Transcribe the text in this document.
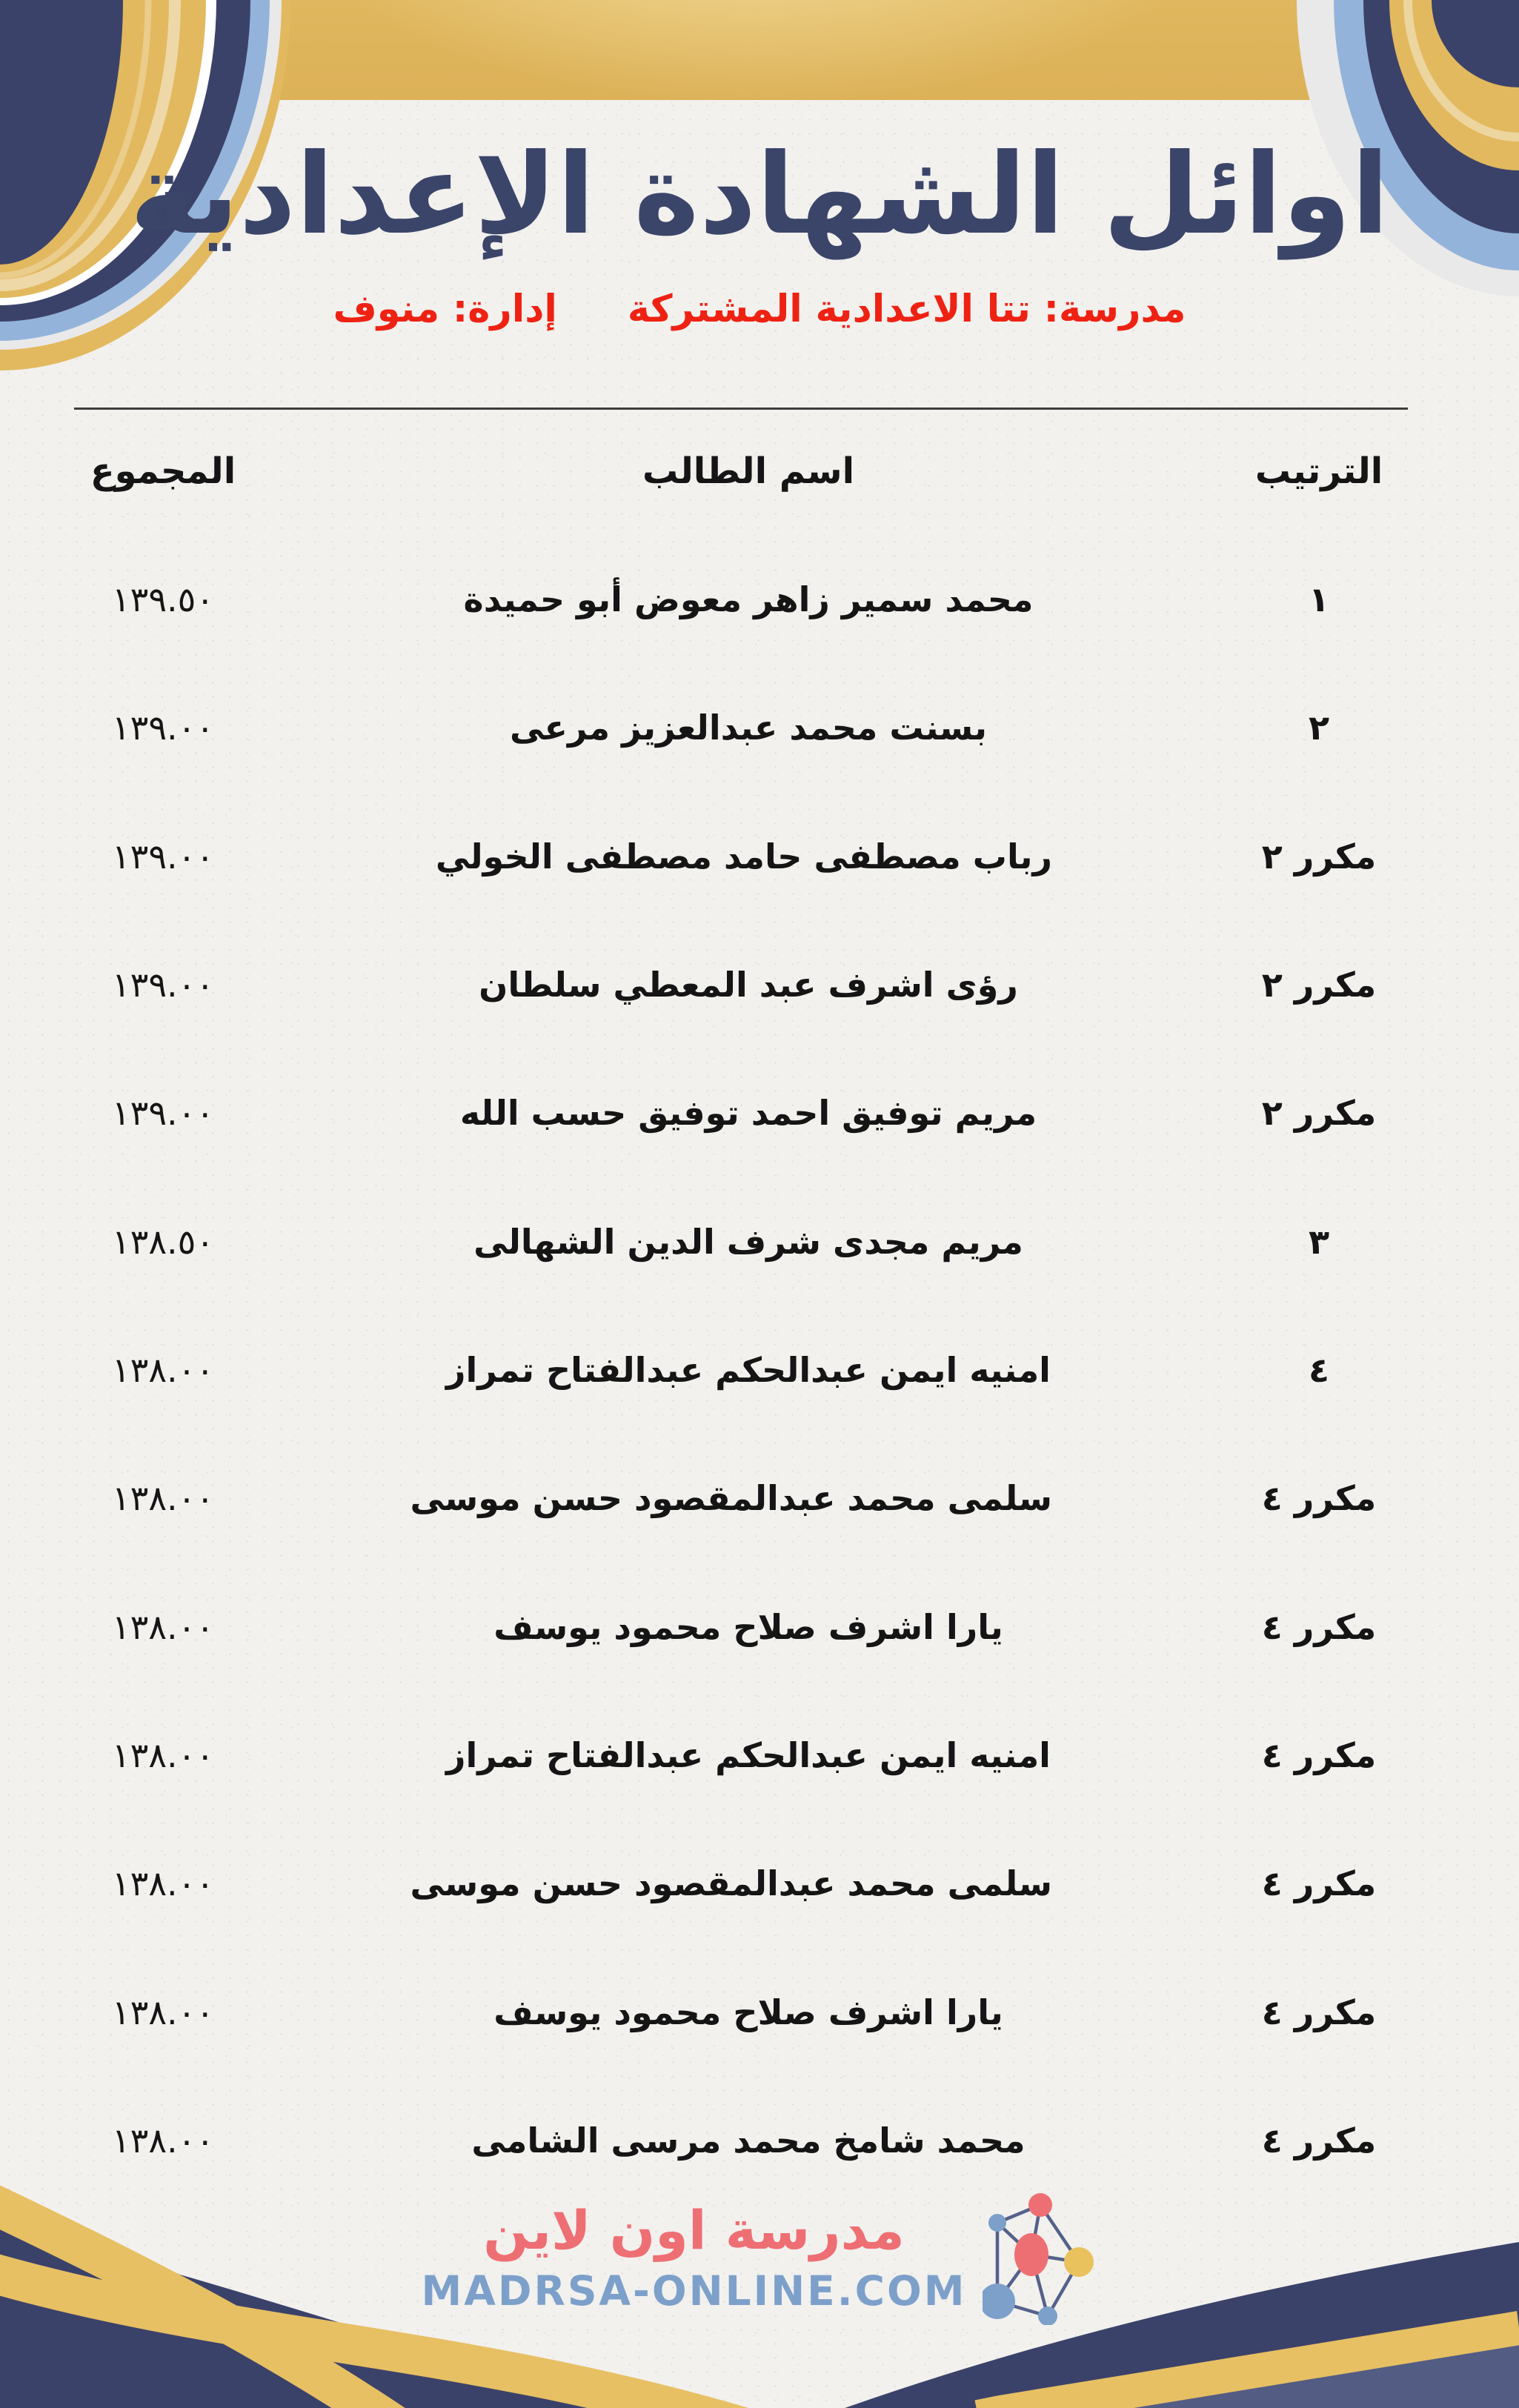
اوائل الشهادة الإعدادية
مدرسة: تتا الاعدادية المشتركة
إدارة: منوف
الترتيب
اسم الطالب
المجموع
١
محمد سمير زاهر معوض أبو حميدة
١٣٩.٥٠
٢
بسنت محمد عبدالعزيز مرعى
١٣٩.٠٠
مكرر ٢
رباب مصطفى حامد مصطفى الخولي
١٣٩.٠٠
مكرر ٢
رؤى اشرف عبد المعطي سلطان
١٣٩.٠٠
مكرر ٢
مريم توفيق احمد توفيق حسب الله
١٣٩.٠٠
٣
مريم مجدى شرف الدين الشهالى
١٣٨.٥٠
٤
امنيه ايمن عبدالحكم عبدالفتاح تمراز
١٣٨.٠٠
مكرر ٤
سلمى محمد عبدالمقصود حسن موسى
١٣٨.٠٠
مكرر ٤
يارا اشرف صلاح محمود يوسف
١٣٨.٠٠
مكرر ٤
امنيه ايمن عبدالحكم عبدالفتاح تمراز
١٣٨.٠٠
مكرر ٤
سلمى محمد عبدالمقصود حسن موسى
١٣٨.٠٠
مكرر ٤
يارا اشرف صلاح محمود يوسف
١٣٨.٠٠
مكرر ٤
محمد شامخ محمد مرسى الشامى
١٣٨.٠٠
مدرسة اون لاين
MADRSA-ONLINE.COM
